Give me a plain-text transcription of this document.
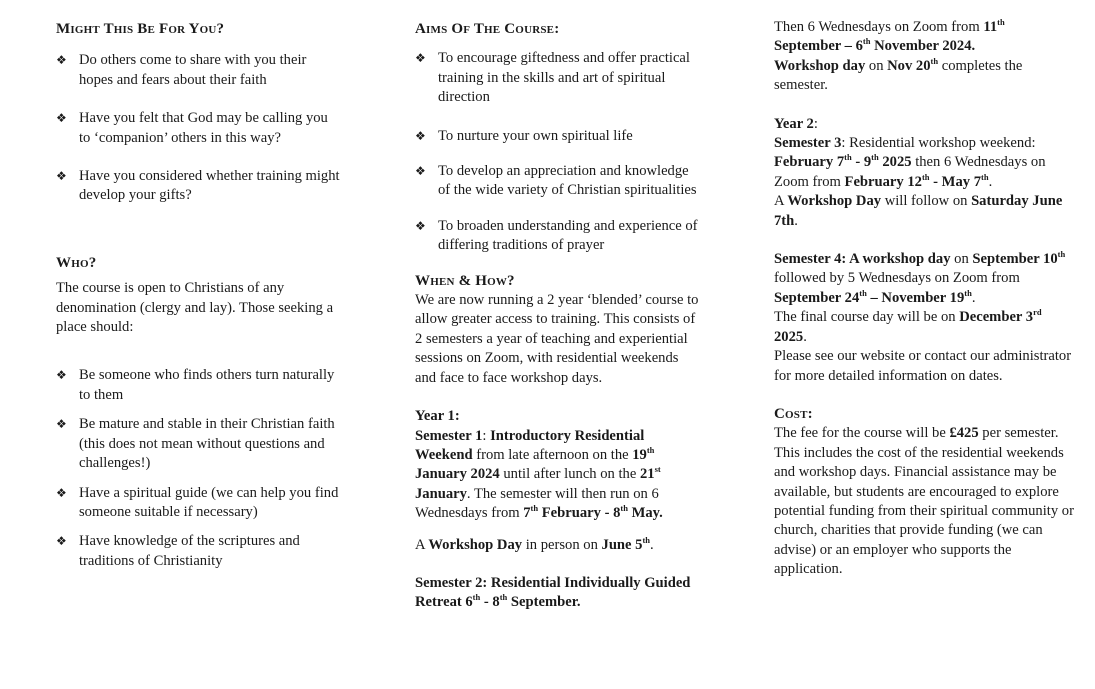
Might This Be For You?
❖ Do others come to share with you their hopes and fears about their faith
❖ Have you felt that God may be calling you to ‘companion’ others in this way?
❖ Have you considered whether training might develop your gifts?
Who?

The course is open to Christians of any denomination (clergy and lay). Those seeking a place should:

❖ Be someone who finds others turn naturally to them
❖ Be mature and stable in their Christian faith (this does not mean without questions and challenges!)
❖ Have a spiritual guide (we can help you find someone suitable if necessary)
❖ Have knowledge of the scriptures and traditions of Christianity
Aims Of The Course:
❖ To encourage giftedness and offer practical training in the skills and art of spiritual direction
❖ To nurture your own spiritual life
❖ To develop an appreciation and knowledge of the wide variety of Christian spiritualities
❖ To broaden understanding and experience of differing traditions of prayer
When & How?

We are now running a 2 year ‘blended’ course to allow greater access to training. This consists of 2 semesters a year of teaching and experiential sessions on Zoom, with residential weekends and face to face workshop days.

Year 1:

Semester 1: Introductory Residential Weekend from late afternoon on the 19th January 2024 until after lunch on the 21st January. The semester will then run on 6 Wednesdays from 7th February - 8th May.

A Workshop Day in person on June 5th.

Semester 2: Residential Individually Guided Retreat 6th - 8th September.

Then 6 Wednesdays on Zoom from 11th September – 6th November 2024.
Workshop day on Nov 20th completes the semester.

Year 2:

Semester 3: Residential workshop weekend: February 7th - 9th 2025 then 6 Wednesdays on Zoom from February 12th - May 7th.

A Workshop Day will follow on Saturday June 7th.

Semester 4: A workshop day on September 10th followed by 5 Wednesdays on Zoom from September 24th – November 19th.

The final course day will be on December 3rd 2025.

Please see our website or contact our administrator for more detailed information on dates.

Cost:

The fee for the course will be £425 per semester. This includes the cost of the residential weekends and workshop days. Financial assistance may be available, but students are encouraged to explore potential funding from their spiritual community or church, charities that provide funding (we can advise) or an employer who supports the application.
